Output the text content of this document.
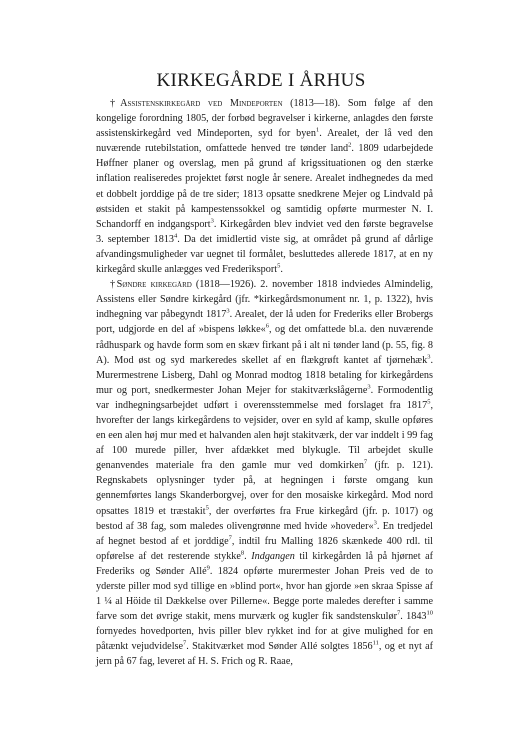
KIRKEGÅRDE I ÅRHUS

†Assistenskirkegård ved Mindeporten (1813—18). Som følge af den kongelige forordning 1805, der forbød begravelser i kirkerne, anlagdes den første assistenskirkegård ved Mindeporten, syd for byen$^1$. Arealet, der lå ved den nuværende rutebilstation, omfattede henved tre tønder land$^2$. 1809 udarbejdede Høffner planer og overslag, men på grund af krigssituationen og den stærke inflation realiseredes projektet først nogle år senere. Arealet indhegnedes da med et dobbelt jorddige på de tre sider; 1813 opsatte snedkrene Mejer og Lindvald på østsiden et stakit på kampestenssokkel og samtidig opførte murmester N. I. Schandorff en indgangsport$^3$. Kirkegården blev indviet ved den første begravelse 3. september 1813$^4$. Da det imidlertid viste sig, at området på grund af dårlige afvandingsmuligheder var uegnet til formålet, besluttedes allerede 1817, at en ny kirkegård skulle anlægges ved Frederiksport$^5$.

†Søndre kirkegård (1818—1926). 2. november 1818 indviedes Almindelig, Assistens eller Søndre kirkegård (jfr. *kirkegårdsmonument nr. 1, p. 1322), hvis indhegning var påbegyndt 1817$^3$. Arealet, der lå uden for Frederiks eller Brobergs port, udgjorde en del af »bispens løkke«$^6$, og det omfattede bl.a. den nuværende rådhuspark og havde form som en skæv firkant på i alt ni tønder land (p. 55, fig. 8 A). Mod øst og syd markeredes skellet af en flækgrøft kantet af tjørnehæk$^3$. Murermestrene Lisberg, Dahl og Monrad modtog 1818 betaling for kirkegårdens mur og port, snedkermester Johan Mejer for stakitværksłågerne$^3$. Formodentlig var indhegningsarbejdet udført i overensstemmelse med forslaget fra 1817$^5$, hvorefter der langs kirkegårdens to vejsider, over en syld af kamp, skulle opføres en een alen høj mur med et halvanden alen højt stakitværk, der var inddelt i 99 fag af 100 murede piller, hver afdækket med blykugle. Til arbejdet skulle genanvendes materiale fra den gamle mur ved domkirken$^7$ (jfr. p. 121). Regnskabets oplysninger tyder på, at hegningen i første omgang kun gennemførtes langs Skanderborgvej, over for den mosaiske kirkegård. Mod nord opsattes 1819 et træstakit$^5$, der overførtes fra Frue kirkegård (jfr. p. 1017) og bestod af 38 fag, som maledes olivengrønne med hvide »hoveder«$^3$. En tredjedel af hegnet bestod af et jorddige$^7$, indtil fru Malling 1826 skænkede 400 rdl. til opførelse af det resterende stykke$^8$. Indgangen til kirkegården lå på hjørnet af Frederiks og Sønder Allé$^9$. 1824 opførte murermester Johan Preis ved de to yderste piller mod syd tillige en »blind port«, hvor han gjorde »en skraa Spisse af 1 ¼ al Höide til Dækkelse over Pillerne«. Begge porte maledes derefter i samme farve som det øvrige stakit, mens murværk og kugler fik sandstenskulør$^7$. 1843$^{10}$ fornyedes hovedporten, hvis piller blev rykket ind for at give mulighed for en påtænkt vejudvidelse$^7$. Stakitværket mod Sønder Allé solgtes 1856$^{11}$, og et nyt af jern på 67 fag, leveret af H. S. Frich og R. Raae,
